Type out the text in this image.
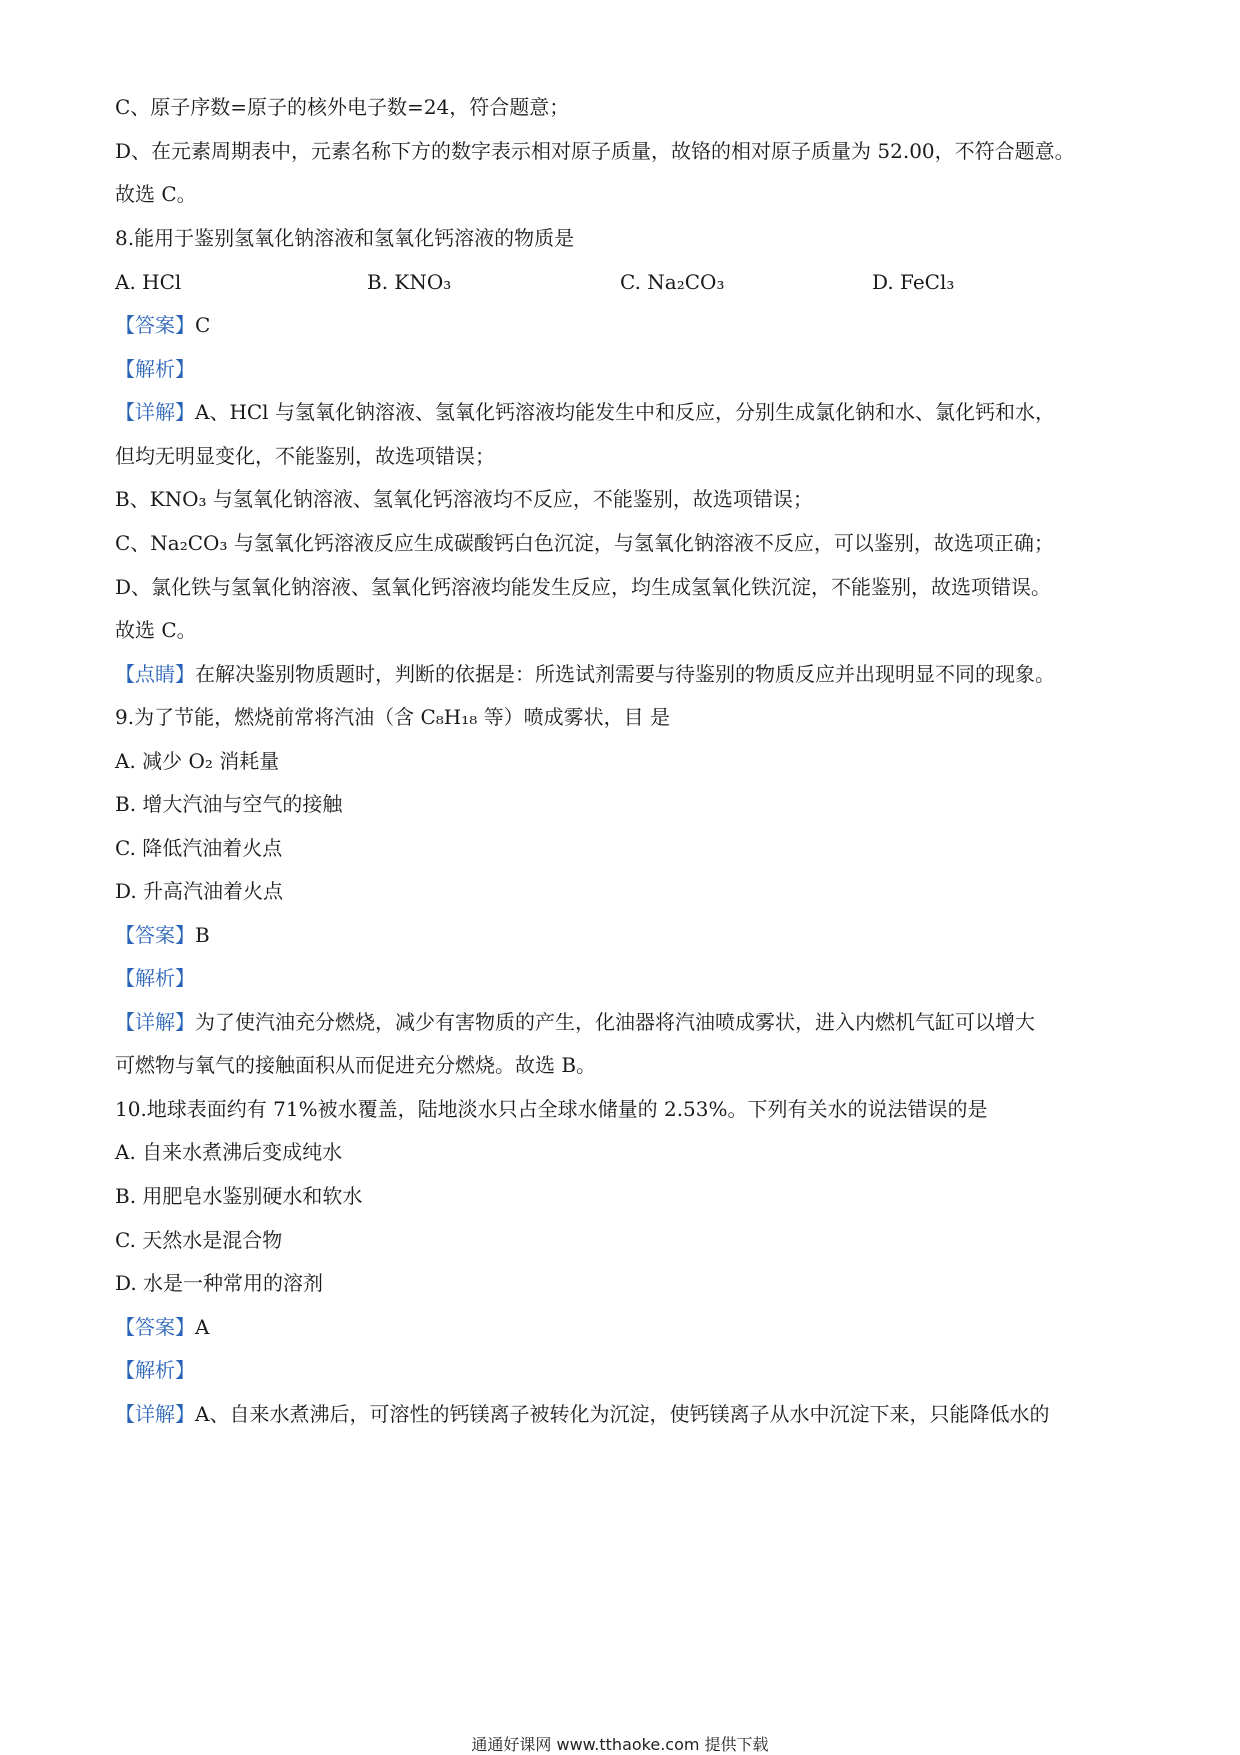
C、原子序数=原子的核外电子数=24，符合题意；
D、在元素周期表中，元素名称下方的数字表示相对原子质量，故铬的相对原子质量为 52.00，不符合题意。
故选 C。
8.能用于鉴别氢氧化钠溶液和氢氧化钙溶液的物质是
A. HCl	B. KNO₃	C. Na₂CO₃	D. FeCl₃
【答案】C
【解析】
【详解】A、HCl 与氢氧化钠溶液、氢氧化钙溶液均能发生中和反应，分别生成氯化钠和水、氯化钙和水，
但均无明显变化，不能鉴别，故选项错误；
B、KNO₃ 与氢氧化钠溶液、氢氧化钙溶液均不反应，不能鉴别，故选项错误；
C、Na₂CO₃ 与氢氧化钙溶液反应生成碳酸钙白色沉淀，与氢氧化钠溶液不反应，可以鉴别，故选项正确；
D、氯化铁与氢氧化钠溶液、氢氧化钙溶液均能发生反应，均生成氢氧化铁沉淀，不能鉴别，故选项错误。
故选 C。
【点睛】在解决鉴别物质题时，判断的依据是：所选试剂需要与待鉴别的物质反应并出现明显不同的现象。
9.为了节能，燃烧前常将汽油（含 C₈H₁₈ 等）喷成雾状，目 是
A. 减少 O₂ 消耗量
B. 增大汽油与空气的接触
C. 降低汽油着火点
D. 升高汽油着火点
【答案】B
【解析】
【详解】为了使汽油充分燃烧，减少有害物质的产生，化油器将汽油喷成雾状，进入内燃机气缸可以增大
可燃物与氧气的接触面积从而促进充分燃烧。故选 B。
10.地球表面约有 71%被水覆盖，陆地淡水只占全球水储量的 2.53%。下列有关水的说法错误的是
A. 自来水煮沸后变成纯水
B. 用肥皂水鉴别硬水和软水
C. 天然水是混合物
D. 水是一种常用的溶剂
【答案】A
【解析】
【详解】A、自来水煮沸后，可溶性的钙镁离子被转化为沉淀，使钙镁离子从水中沉淀下来，只能降低水的
通通好课网 www.tthaoke.com 提供下载
